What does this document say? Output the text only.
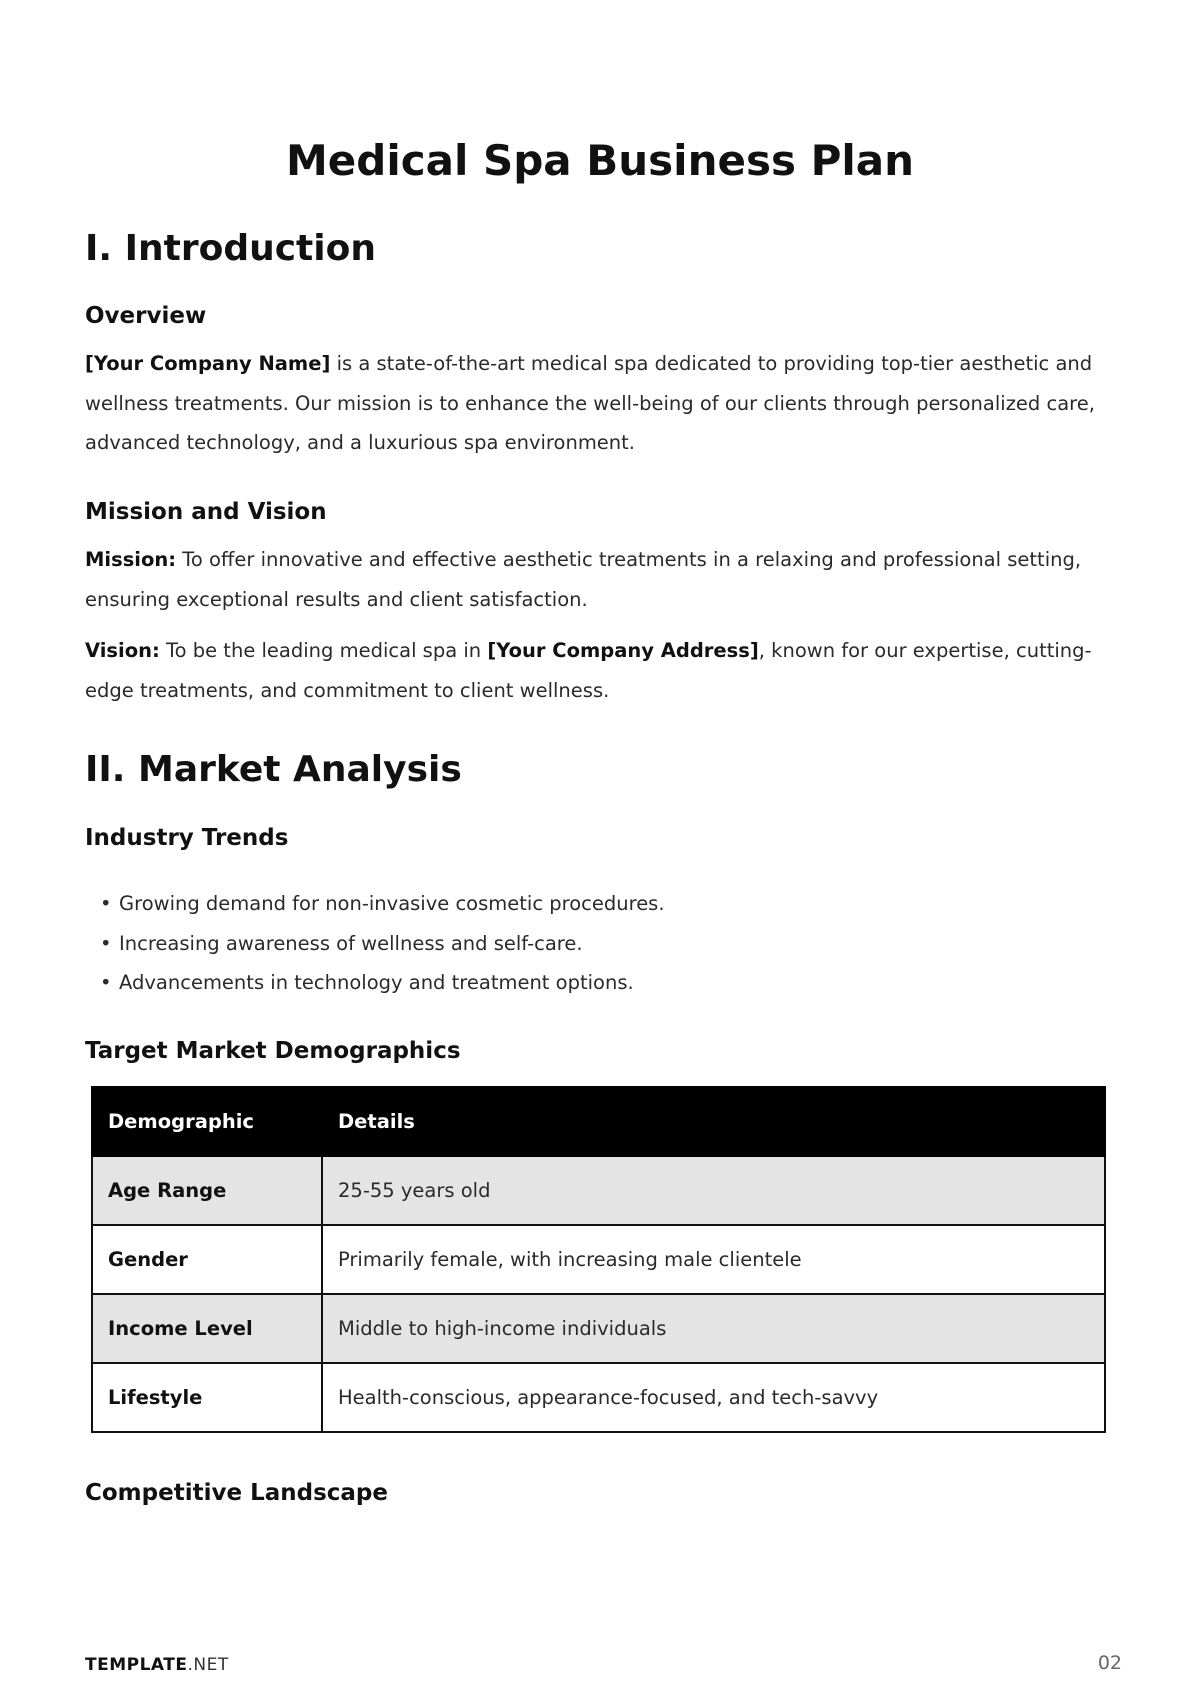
Medical Spa Business Plan
I. Introduction
Overview

[Your Company Name] is a state-of-the-art medical spa dedicated to providing top-tier aesthetic and wellness treatments. Our mission is to enhance the well-being of our clients through personalized care, advanced technology, and a luxurious spa environment.

Mission and Vision

Mission: To offer innovative and effective aesthetic treatments in a relaxing and professional setting, ensuring exceptional results and client satisfaction.

Vision: To be the leading medical spa in [Your Company Address], known for our expertise, cutting-edge treatments, and commitment to client wellness.

II. Market Analysis
Industry Trends
• Growing demand for non-invasive cosmetic procedures.
• Increasing awareness of wellness and self-care.
• Advancements in technology and treatment options.
Target Market Demographics
Demographic	Details
Age Range	25-55 years old
Gender	Primarily female, with increasing male clientele
Income Level	Middle to high-income individuals
Lifestyle	Health-conscious, appearance-focused, and tech-savvy
Competitive Landscape
TEMPLATE.NET	02
